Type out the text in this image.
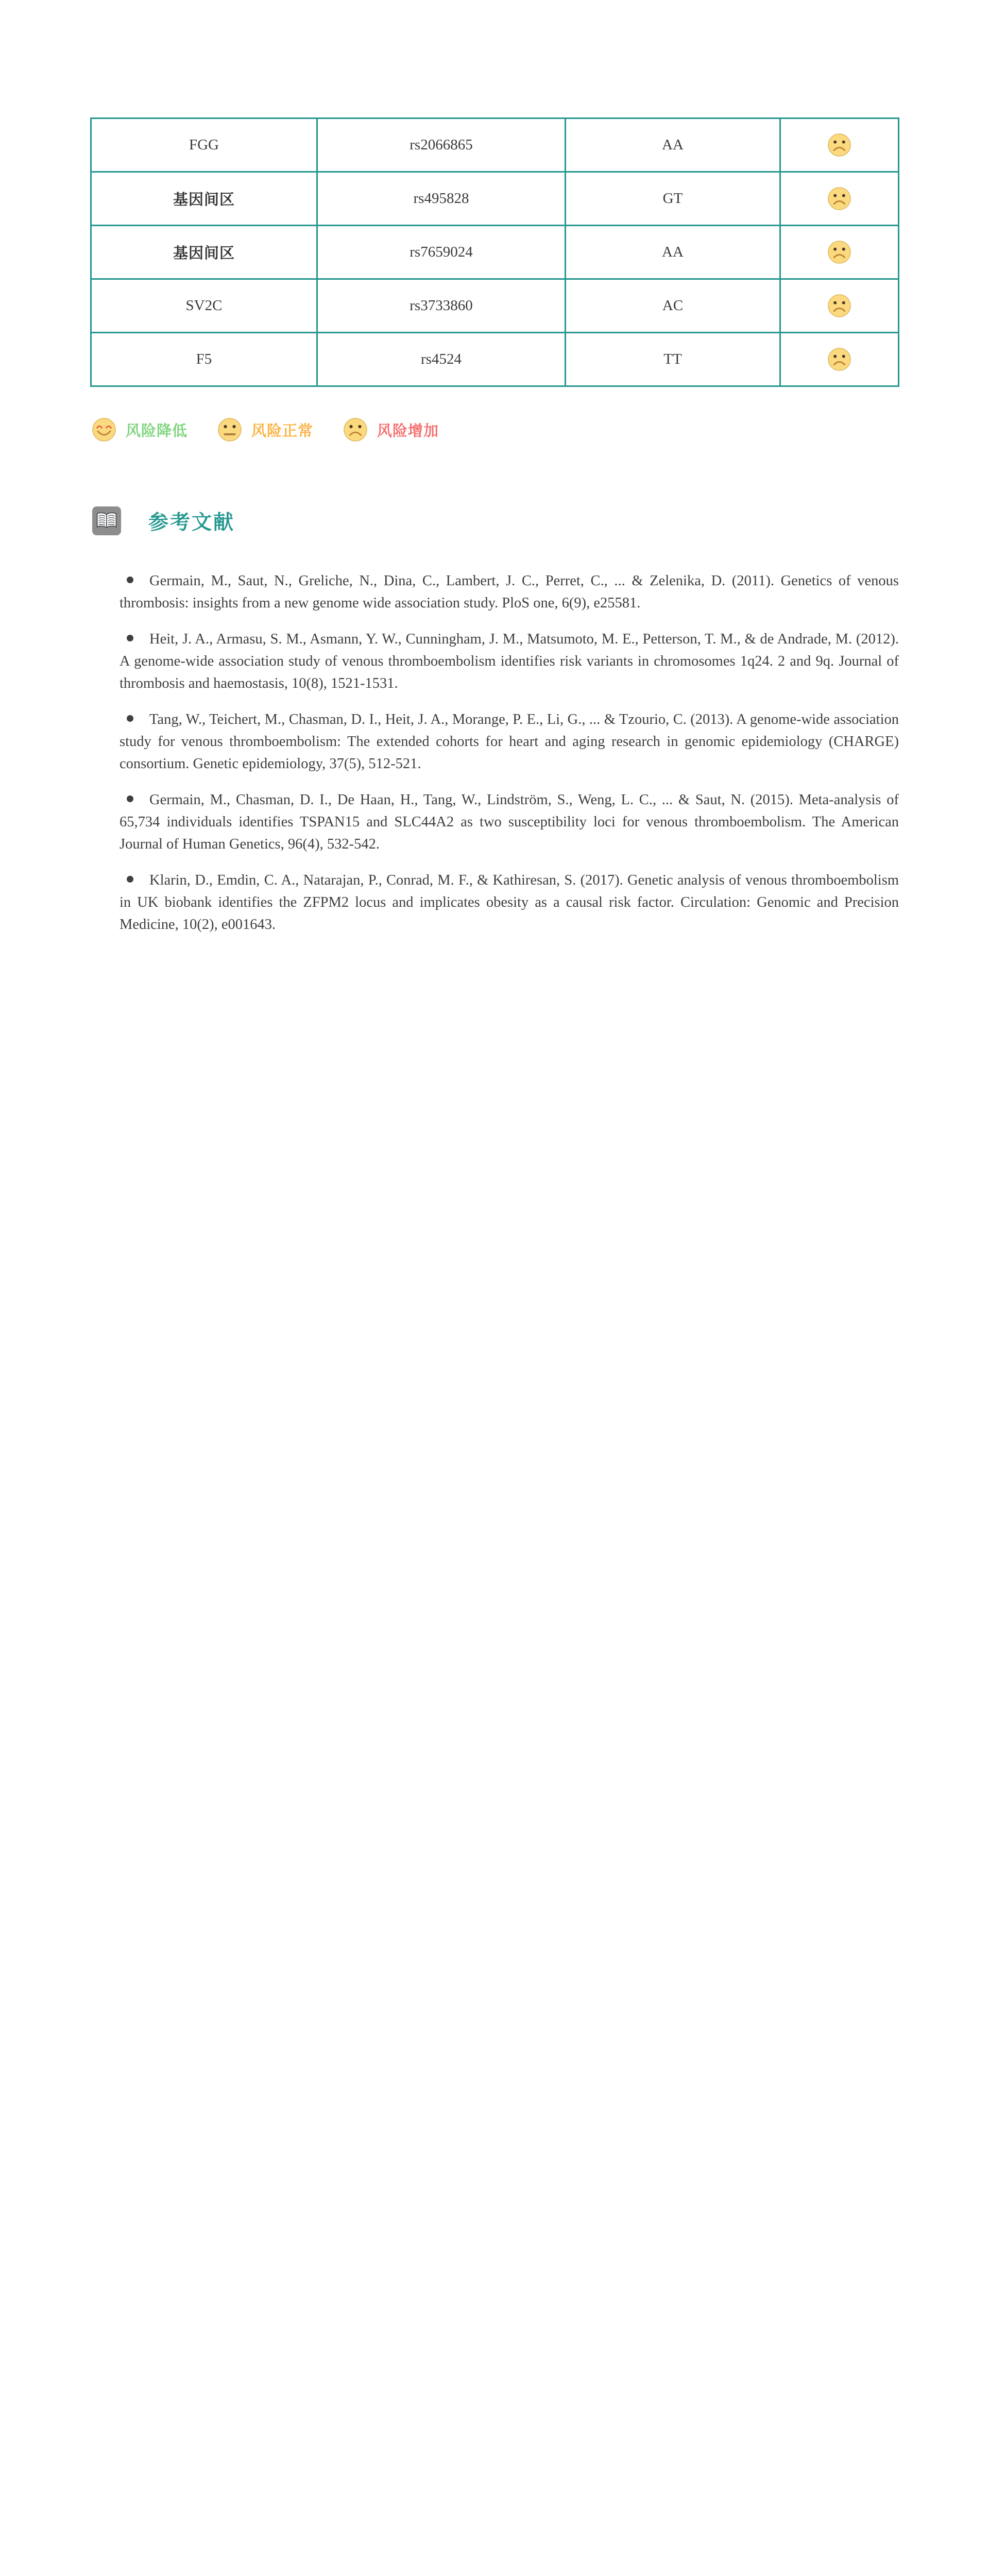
FGG	rs2066865	AA	
基因间区	rs495828	GT	
基因间区	rs7659024	AA	
SV2C	rs3733860	AC	
F5	rs4524	TT	
风险降低	风险正常	风险增加
参考文献

Germain, M., Saut, N., Greliche, N., Dina, C., Lambert, J. C., Perret, C., ... & Zelenika, D. (2011). Genetics of venous thrombosis: insights from a new genome wide association study. PloS one, 6(9), e25581.

Heit, J. A., Armasu, S. M., Asmann, Y. W., Cunningham, J. M., Matsumoto, M. E., Petterson, T. M., & de Andrade, M. (2012). A genome-wide association study of venous thromboembolism identifies risk variants in chromosomes 1q24. 2 and 9q. Journal of thrombosis and haemostasis, 10(8), 1521-1531.

Tang, W., Teichert, M., Chasman, D. I., Heit, J. A., Morange, P. E., Li, G., ... & Tzourio, C. (2013). A genome-wide association study for venous thromboembolism: The extended cohorts for heart and aging research in genomic epidemiology (CHARGE) consortium. Genetic epidemiology, 37(5), 512-521.

Germain, M., Chasman, D. I., De Haan, H., Tang, W., Lindström, S., Weng, L. C., ... & Saut, N. (2015). Meta-analysis of 65,734 individuals identifies TSPAN15 and SLC44A2 as two susceptibility loci for venous thromboembolism. The American Journal of Human Genetics, 96(4), 532-542.

Klarin, D., Emdin, C. A., Natarajan, P., Conrad, M. F., & Kathiresan, S. (2017). Genetic analysis of venous thromboembolism in UK biobank identifies the ZFPM2 locus and implicates obesity as a causal risk factor. Circulation: Genomic and Precision Medicine, 10(2), e001643.
